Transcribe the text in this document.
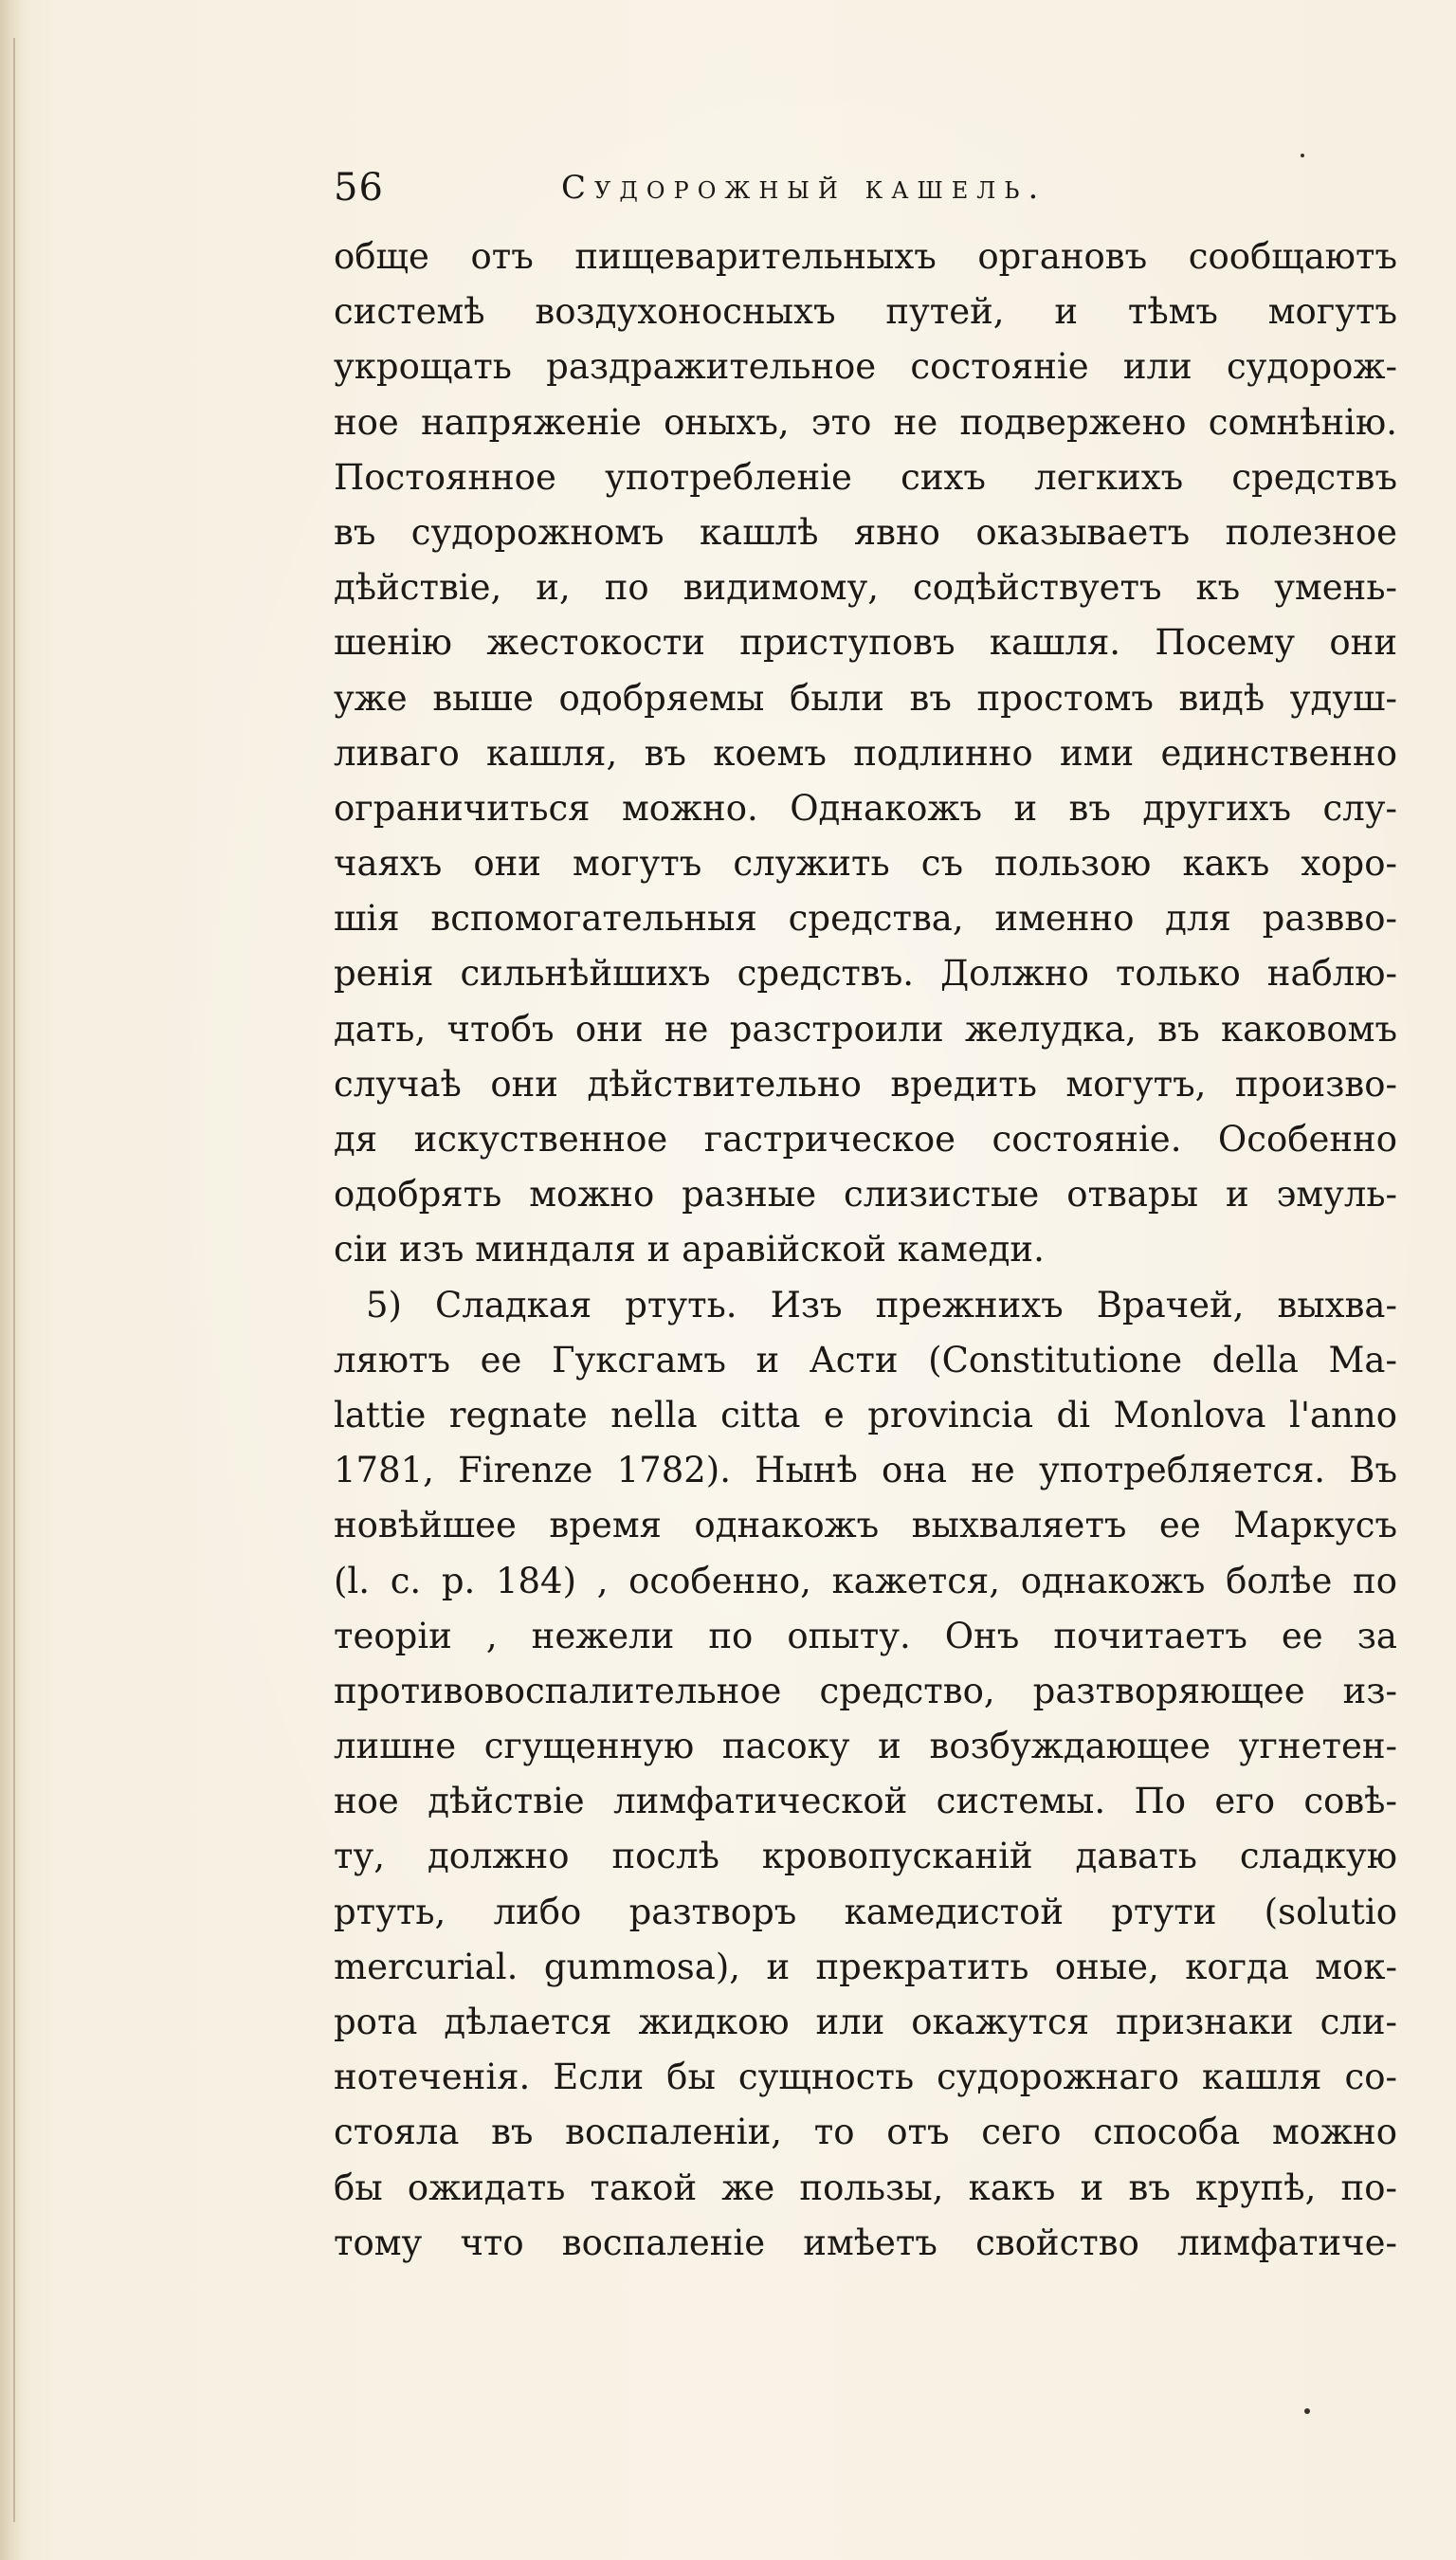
56	Судорожный кашель.
обще отъ пищеварительныхъ органовъ сообщаютъ
системѣ воздухоносныхъ путей, и тѣмъ могутъ
укрощать раздражительное состояніе или судорож-
ное напряженіе оныхъ, это не подвержено сомнѣнію.
Постоянное употребленіе сихъ легкихъ средствъ
въ судорожномъ кашлѣ явно оказываетъ полезное
дѣйствіе, и, по видимому, содѣйствуетъ къ умень-
шенію жестокости приступовъ кашля. Посему они
уже выше одобряемы были въ простомъ видѣ удуш-
ливаго кашля, въ коемъ подлинно ими единственно
ограничиться можно. Однакожъ и въ другихъ слу-
чаяхъ они могутъ служить съ пользою какъ хоро-
шія вспомогательныя средства, именно для развво-
ренія сильнѣйшихъ средствъ. Должно только наблю-
дать, чтобъ они не разстроили желудка, въ каковомъ
случаѣ они дѣйствительно вредить могутъ, произво-
дя искуственное гастрическое состояніе. Особенно
одобрять можно разные слизистые отвары и эмуль-
сіи изъ миндаля и аравійской камеди.
5) Сладкая ртуть. Изъ прежнихъ Врачей, выхва-
ляютъ ее Гуксгамъ и Асти (Constitutione della Ma-
lattie regnate nella citta e provincia di Monlova l'anno
1781, Firenze 1782). Нынѣ она не употребляется. Въ
новѣйшее время однакожъ выхваляетъ ее Маркусъ
(l. c. p. 184) , особенно, кажется, однакожъ болѣе по
теоріи , нежели по опыту. Онъ почитаетъ ее за
противовоспалительное средство, разтворяющее из-
лишне сгущенную пасоку и возбуждающее угнетен-
ное дѣйствіе лимфатической системы. По его совѣ-
ту, должно послѣ кровопусканій давать сладкую
ртуть, либо разтворъ камедистой ртути (solutio
mercurial. gummosa), и прекратить оные, когда мок-
рота дѣлается жидкою или окажутся признаки сли-
нотеченія. Если бы сущность судорожнаго кашля со-
стояла въ воспаленіи, то отъ сего способа можно
бы ожидать такой же пользы, какъ и въ крупѣ, по-
тому что воспаленіе имѣетъ свойство лимфатиче-
